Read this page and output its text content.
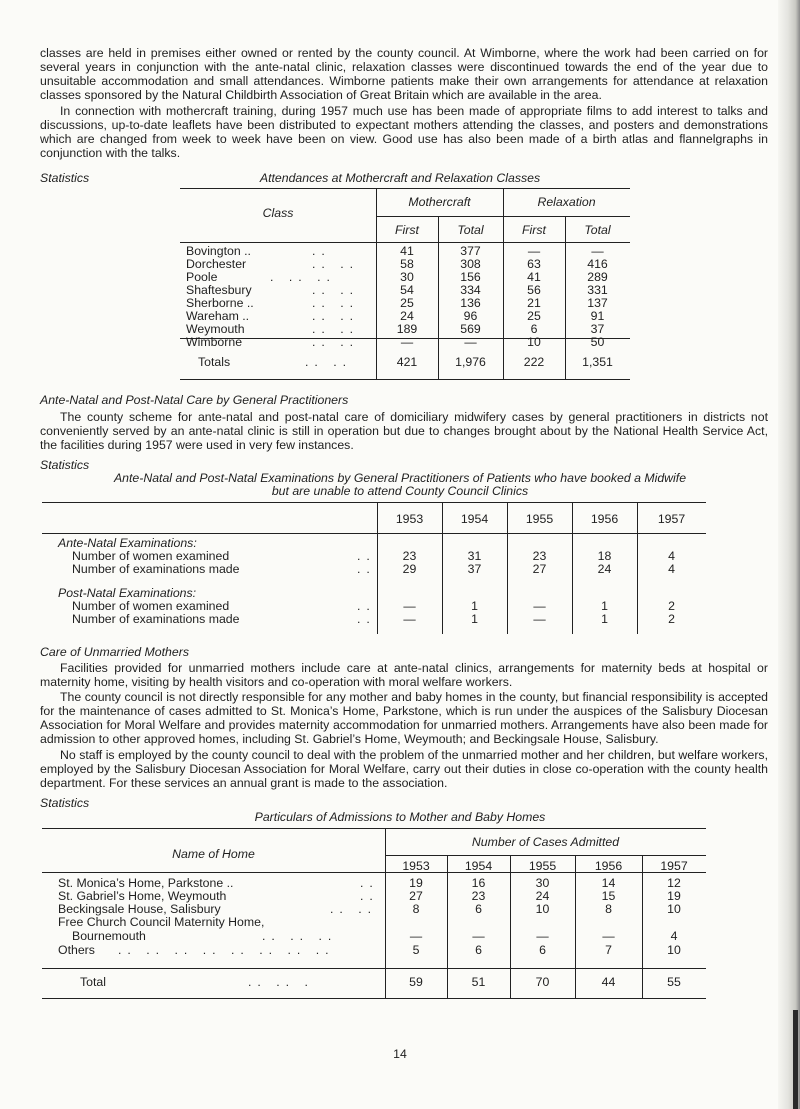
classes are held in premises either owned or rented by the county council. At Wimborne, where the work had been carried on for several years in conjunction with the ante-natal clinic, relaxation classes were discontinued towards the end of the year due to unsuitable accommodation and small attendances. Wimborne patients make their own arrangements for attendance at relaxation classes sponsored by the Natural Childbirth Association of Great Britain which are available in the area.

In connection with mothercraft training, during 1957 much use has been made of appropriate films to add interest to talks and discussions, up-to-date leaflets have been distributed to expectant mothers attending the classes, and posters and demonstrations which are changed from week to week have been on view. Good use has also been made of a birth atlas and flannelgraphs in conjunction with the talks.

Statistics	Attendances at Mothercraft and Relaxation Classes

Class
Mothercraft	Relaxation
First	Total	First	Total
Bovington ..	..	41	377	—	—
Dorchester	.. ..	58	308	63	416
Poole	. .. ..	30	156	41	289
Shaftesbury	.. ..	54	334	56	331
Sherborne ..	.. ..	25	136	21	137
Wareham ..	.. ..	24	96	25	91
Weymouth	.. ..	189	569	6	37
Wimborne	.. ..	—	—	10	50
Totals	.. ..	421	1,976	222	1,351

Ante-Natal and Post-Natal Care by General Practitioners

The county scheme for ante-natal and post-natal care of domiciliary midwifery cases by general practitioners in districts not conveniently served by an ante-natal clinic is still in operation but due to changes brought about by the National Health Service Act, the facilities during 1957 were used in very few instances.

Statistics

Ante-Natal and Post-Natal Examinations by General Practitioners of Patients who have booked a Midwife

but are unable to attend County Council Clinics

1953	1954	1955	1956	1957
Ante-Natal Examinations:
Number of women examined	..	23	31	23	18	4
Number of examinations made	..	29	37	27	24	4
Post-Natal Examinations:
Number of women examined	..	—	1	—	1	2
Number of examinations made	..	—	1	—	1	2

Care of Unmarried Mothers

Facilities provided for unmarried mothers include care at ante-natal clinics, arrangements for maternity beds at hospital or maternity home, visiting by health visitors and co-operation with moral welfare workers.

The county council is not directly responsible for any mother and baby homes in the county, but financial responsibility is accepted for the maintenance of cases admitted to St. Monica’s Home, Parkstone, which is run under the auspices of the Salisbury Diocesan Association for Moral Welfare and provides maternity accommodation for unmarried mothers. Arrangements have also been made for admission to other approved homes, including St. Gabriel’s Home, Weymouth; and Beckingsale House, Salisbury.

No staff is employed by the county council to deal with the problem of the unmarried mother and her children, but welfare workers, employed by the Salisbury Diocesan Association for Moral Welfare, carry out their duties in close co-operation with the county health department. For these services an annual grant is made to the association.

Statistics

Particulars of Admissions to Mother and Baby Homes

Name of Home
Number of Cases Admitted
1953	1954	1955	1956	1957
St. Monica’s Home, Parkstone ..	..	19	16	30	14	12
St. Gabriel’s Home, Weymouth	..	27	23	24	15	19
Beckingsale House, Salisbury	.. ..	8	6	10	8	10
Free Church Council Maternity Home,
Bournemouth	.. .. ..	—	—	—	—	4
Others .. .. .. .. .. .. .. ..	5	6	6	7	10
Total	.. .. .	59	51	70	44	55
14
